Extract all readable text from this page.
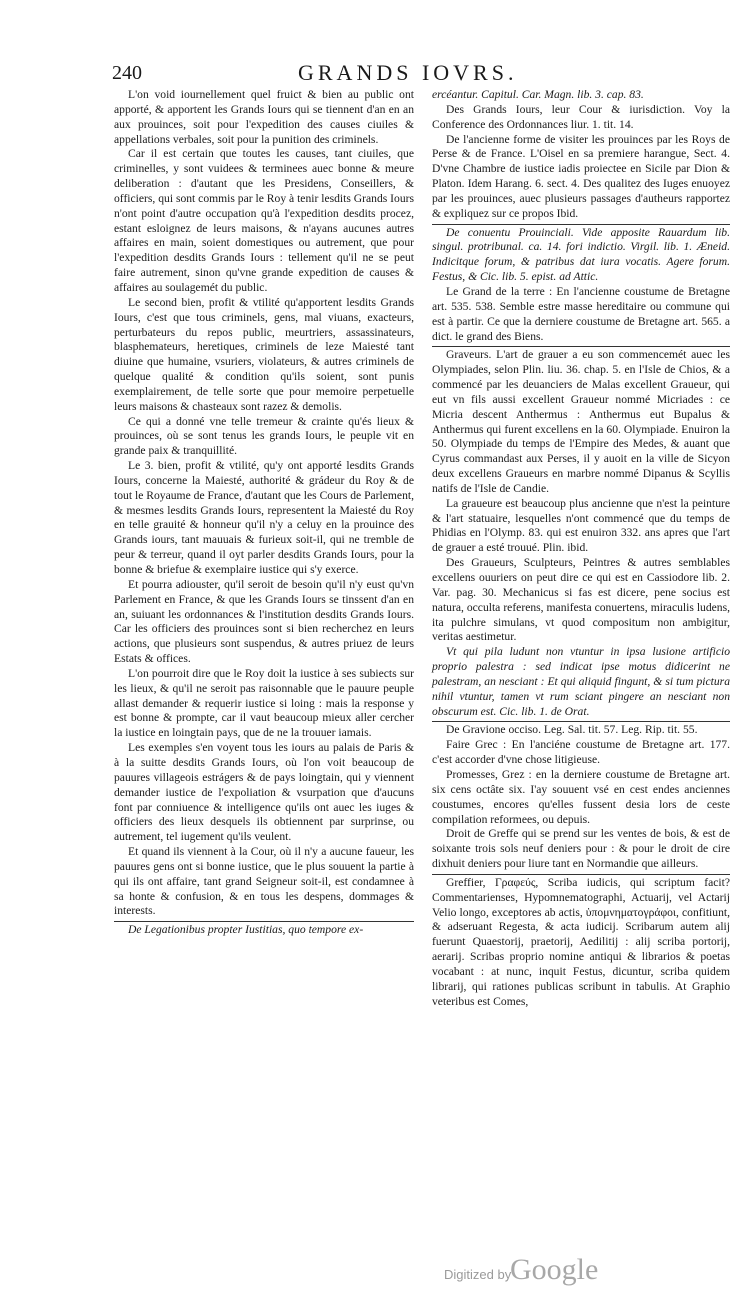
240	GRANDS IOVRS.

L'on void iournellement quel fruict & bien au public ont apporté, & apportent les Grands Iours qui se tiennent d'an en an aux prouinces, soit pour l'expedition des causes ciuiles & appellations verbales, soit pour la punition des criminels.

Car il est certain que toutes les causes, tant ciuiles, que criminelles, y sont vuidees & terminees auec bonne & meure deliberation : d'autant que les Presidens, Conseillers, & officiers, qui sont commis par le Roy à tenir lesdits Grands Iours n'ont point d'autre occupation qu'à l'expedition desdits procez, estant esloignez de leurs maisons, & n'ayans aucunes autres affaires en main, soient domestiques ou autrement, que pour l'expedition desdits Grands Iours : tellement qu'il ne se peut faire autrement, sinon qu'vne grande expedition de causes & affaires au soulagemét du public.

Le second bien, profit & vtilité qu'apportent lesdits Grands Iours, c'est que tous criminels, gens, mal viuans, exacteurs, perturbateurs du repos public, meurtriers, assassinateurs, blasphemateurs, heretiques, criminels de leze Maiesté tant diuine que humaine, vsuriers, violateurs, & autres criminels de quelque qualité & condition qu'ils soient, sont punis exemplairement, de telle sorte que pour memoire perpetuelle leurs maisons & chasteaux sont razez & demolis.

Ce qui a donné vne telle tremeur & crainte qu'és lieux & prouinces, où se sont tenus les grands Iours, le peuple vit en grande paix & tranquillité.

Le 3. bien, profit & vtilité, qu'y ont apporté lesdits Grands Iours, concerne la Maiesté, authorité & grádeur du Roy & de tout le Royaume de France, d'autant que les Cours de Parlement, & mesmes lesdits Grands Iours, representent la Maiesté du Roy en telle grauité & honneur qu'il n'y a celuy en la prouince des Grands iours, tant mauuais & furieux soit-il, qui ne tremble de peur & terreur, quand il oyt parler desdits Grands Iours, pour la bonne & briefue & exemplaire iustice qui s'y exerce.

Et pourra adiouster, qu'il seroit de besoin qu'il n'y eust qu'vn Parlement en France, & que les Grands Iours se tinssent d'an en an, suiuant les ordonnances & l'institution desdits Grands Iours. Car les officiers des prouinces sont si bien recherchez en leurs actions, que plusieurs sont suspendus, & autres priuez de leurs Estats & offices.

L'on pourroit dire que le Roy doit la iustice à ses subiects sur les lieux, & qu'il ne seroit pas raisonnable que le pauure peuple allast demander & requerir iustice si loing : mais la response y est bonne & prompte, car il vaut beaucoup mieux aller cercher la iustice en loingtain pays, que de ne la trouuer iamais.

Les exemples s'en voyent tous les iours au palais de Paris & à la suitte desdits Grands Iours, où l'on voit beaucoup de pauures villageois estrágers & de pays loingtain, qui y viennent demander iustice de l'expoliation & vsurpation que d'aucuns font par conniuence & intelligence qu'ils ont auec les iuges & officiers des lieux desquels ils obtiennent par surprinse, ou autrement, tel iugement qu'ils veulent.

Et quand ils viennent à la Cour, où il n'y a aucune faueur, les pauures gens ont si bonne iustice, que le plus souuent la partie à qui ils ont affaire, tant grand Seigneur soit-il, est condamnee à sa honte & confusion, & en tous les despens, dommages & interests.

De Legationibus propter Iustitias, quo tempore ex-

ercéantur. Capitul. Car. Magn. lib. 3. cap. 83.

Des Grands Iours, leur Cour & iurisdiction. Voy la Conference des Ordonnances liur. 1. tit. 14.

De l'ancienne forme de visiter les prouinces par les Roys de Perse & de France. L'Oisel en sa premiere harangue, Sect. 4. D'vne Chambre de iustice iadis proiectee en Sicile par Dion & Platon. Idem Harang. 6. sect. 4. Des qualitez des Iuges enuoyez par les prouinces, auec plusieurs passages d'autheurs rapportez & expliquez sur ce propos Ibid.

De conuentu Prouinciali. Vide apposite Rauardum lib. singul. protribunal. ca. 14. fori indictio. Virgil. lib. 1. Æneid. Indicitque forum, & patribus dat iura vocatis. Agere forum. Festus, & Cic. lib. 5. epist. ad Attic.

Le Grand de la terre : En l'ancienne coustume de Bretagne art. 535. 538. Semble estre masse hereditaire ou commune qui est à partir. Ce que la derniere coustume de Bretagne art. 565. a dict. le grand des Biens.

Graveurs. L'art de grauer a eu son commencemét auec les Olympiades, selon Plin. liu. 36. chap. 5. en l'Isle de Chios, & a commencé par les deuanciers de Malas excellent Graueur, qui eut vn fils aussi excellent Graueur nommé Micriades : ce Micria descent Anthermus : Anthermus eut Bupalus & Anthermus qui furent excellens en la 60. Olympiade. Enuiron la 50. Olympiade du temps de l'Empire des Medes, & auant que Cyrus commandast aux Perses, il y auoit en la ville de Sicyon deux excellens Graueurs en marbre nommé Dipanus & Scyllis natifs de l'Isle de Candie.

La graueure est beaucoup plus ancienne que n'est la peinture & l'art statuaire, lesquelles n'ont commencé que du temps de Phidias en l'Olymp. 83. qui est enuiron 332. ans apres que l'art de grauer a esté trouué. Plin. ibid.

Des Graueurs, Sculpteurs, Peintres & autres semblables excellens ouuriers on peut dire ce qui est en Cassiodore lib. 2. Var. pag. 30. Mechanicus si fas est dicere, pene socius est natura, occulta referens, manifesta conuertens, miraculis ludens, ita pulchre simulans, vt quod compositum non ambigitur, veritas aestimetur.

Vt qui pila ludunt non vtuntur in ipsa lusione artificio proprio palestra : sed indicat ipse motus didicerint ne palestram, an nesciant : Et qui aliquid fingunt, & si tum pictura nihil vtuntur, tamen vt rum sciant pingere an nesciant non obscurum est. Cic. lib. 1. de Orat.

De Gravione occiso. Leg. Sal. tit. 57. Leg. Rip. tit. 55.

Faire Grec : En l'anciéne coustume de Bretagne art. 177. c'est accorder d'vne chose litigieuse.

Promesses, Grez : en la derniere coustume de Bretagne art. six cens octâte six. I'ay souuent vsé en cest endes anciennes coustumes, encores qu'elles fussent desia lors de ceste compilation reformees, ou depuis.

Droit de Greffe qui se prend sur les ventes de bois, & est de soixante trois sols neuf deniers pour : & pour le droit de cire dixhuit deniers pour liure tant en Normandie que ailleurs.

Greffier, Γραφεύς, Scriba iudicis, qui scriptum facit? Commentarienses, Hypomnematographi, Actuarij, vel Actarij Velio longo, exceptores ab actis, ὑπομνηματογράφοι, confitiunt, & adseruant Regesta, & acta iudicij. Scribarum autem alij fuerunt Quaestorij, praetorij, Aedilitij : alij scriba portorij, aerarij. Scribas proprio nomine antiqui & librarios & poetas vocabant : at nunc, inquit Festus, dicuntur, scriba quidem librarij, qui rationes publicas scribunt in tabulis. At Graphio veteribus est Comes,

Digitized by
Google
